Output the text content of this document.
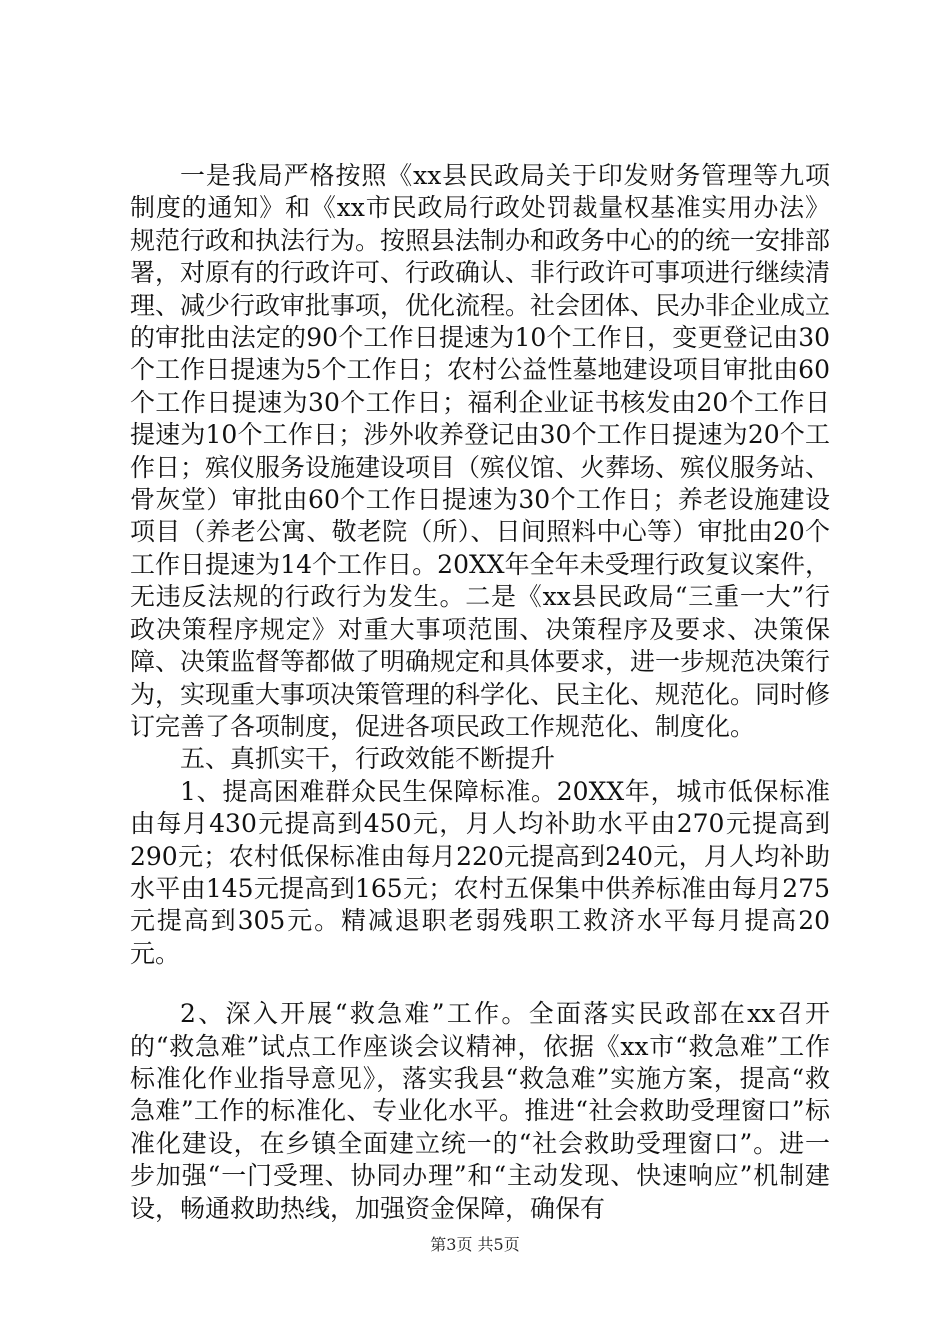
一是我局严格按照《xx县民政局关于印发财务管理等九项制度的通知》和《xx市民政局行政处罚裁量权基准实用办法》规范行政和执法行为。按照县法制办和政务中心的的统一安排部署，对原有的行政许可、行政确认、非行政许可事项进行继续清理、减少行政审批事项，优化流程。社会团体、民办非企业成立的审批由法定的90个工作日提速为10个工作日，变更登记由30个工作日提速为5个工作日；农村公益性墓地建设项目审批由60个工作日提速为30个工作日；福利企业证书核发由20个工作日提速为10个工作日；涉外收养登记由30个工作日提速为20个工作日；殡仪服务设施建设项目（殡仪馆、火葬场、殡仪服务站、骨灰堂）审批由60个工作日提速为30个工作日；养老设施建设项目（养老公寓、敬老院（所）、日间照料中心等）审批由20个工作日提速为14个工作日。20XX年全年未受理行政复议案件，无违反法规的行政行为发生。二是《xx县民政局“三重一大”行政决策程序规定》对重大事项范围、决策程序及要求、决策保障、决策监督等都做了明确规定和具体要求，进一步规范决策行为，实现重大事项决策管理的科学化、民主化、规范化。同时修订完善了各项制度，促进各项民政工作规范化、制度化。

五、真抓实干，行政效能不断提升

1、提高困难群众民生保障标准。20XX年，城市低保标准由每月430元提高到450元，月人均补助水平由270元提高到290元；农村低保标准由每月220元提高到240元，月人均补助水平由145元提高到165元；农村五保集中供养标准由每月275元提高到305元。精减退职老弱残职工救济水平每月提高20元。

2、深入开展“救急难”工作。全面落实民政部在xx召开的“救急难”试点工作座谈会议精神，依据《xx市“救急难”工作标准化作业指导意见》，落实我县“救急难”实施方案，提高“救急难”工作的标准化、专业化水平。推进“社会救助受理窗口”标准化建设，在乡镇全面建立统一的“社会救助受理窗口”。进一步加强“一门受理、协同办理”和“主动发现、快速响应”机制建设，畅通救助热线，加强资金保障，确保有

第3页 共5页
